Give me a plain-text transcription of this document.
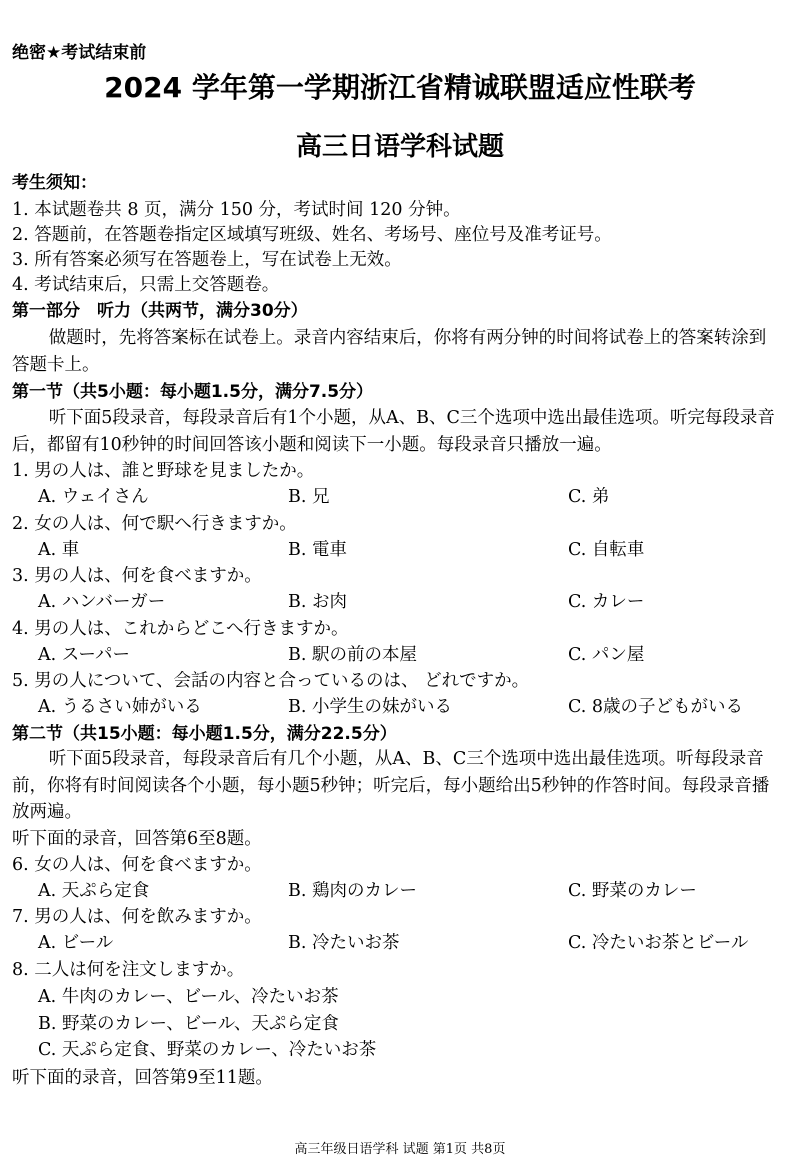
绝密★考试结束前
2024 学年第一学期浙江省精诚联盟适应性联考
高三日语学科试题
考生须知：
1. 本试题卷共 8 页，满分 150 分，考试时间 120 分钟。
2. 答题前，在答题卷指定区域填写班级、姓名、考场号、座位号及准考证号。
3. 所有答案必须写在答题卷上，写在试卷上无效。
4. 考试结束后，只需上交答题卷。
第一部分　听力（共两节，满分30分）

做题时，先将答案标在试卷上。录音内容结束后，你将有两分钟的时间将试卷上的答案转涂到答题卡上。

第一节（共5小题：每小题1.5分，满分7.5分）

听下面5段录音，每段录音后有1个小题，从A、B、C三个选项中选出最佳选项。听完每段录音后，都留有10秒钟的时间回答该小题和阅读下一小题。每段录音只播放一遍。

1. 男の人は、誰と野球を見ましたか。
A. ウェイさん	B. 兄	C. 弟
2. 女の人は、何で駅へ行きますか。
A. 車	B. 電車	C. 自転車
3. 男の人は、何を食べますか。
A. ハンバーガー	B. お肉	C. カレー
4. 男の人は、これからどこへ行きますか。
A. スーパー	B. 駅の前の本屋	C. パン屋
5. 男の人について、会話の内容と合っているのは、 どれですか。
A. うるさい姉がいる	B. 小学生の妹がいる	C. 8歳の子どもがいる
第二节（共15小题：每小题1.5分，满分22.5分）

听下面5段录音，每段录音后有几个小题，从A、B、C三个选项中选出最佳选项。听每段录音前，你将有时间阅读各个小题，每小题5秒钟；听完后，每小题给出5秒钟的作答时间。每段录音播放两遍。

听下面的录音，回答第6至8题。
6. 女の人は、何を食べますか。
A. 天ぷら定食	B. 鶏肉のカレー	C. 野菜のカレー
7. 男の人は、何を飲みますか。
A. ビール	B. 冷たいお茶	C. 冷たいお茶とビール
8. 二人は何を注文しますか。
A. 牛肉のカレー、ビール、冷たいお茶
B. 野菜のカレー、ビール、天ぷら定食
C. 天ぷら定食、野菜のカレー、冷たいお茶
听下面的录音，回答第9至11题。
高三年级日语学科 试题 第1页 共8页
